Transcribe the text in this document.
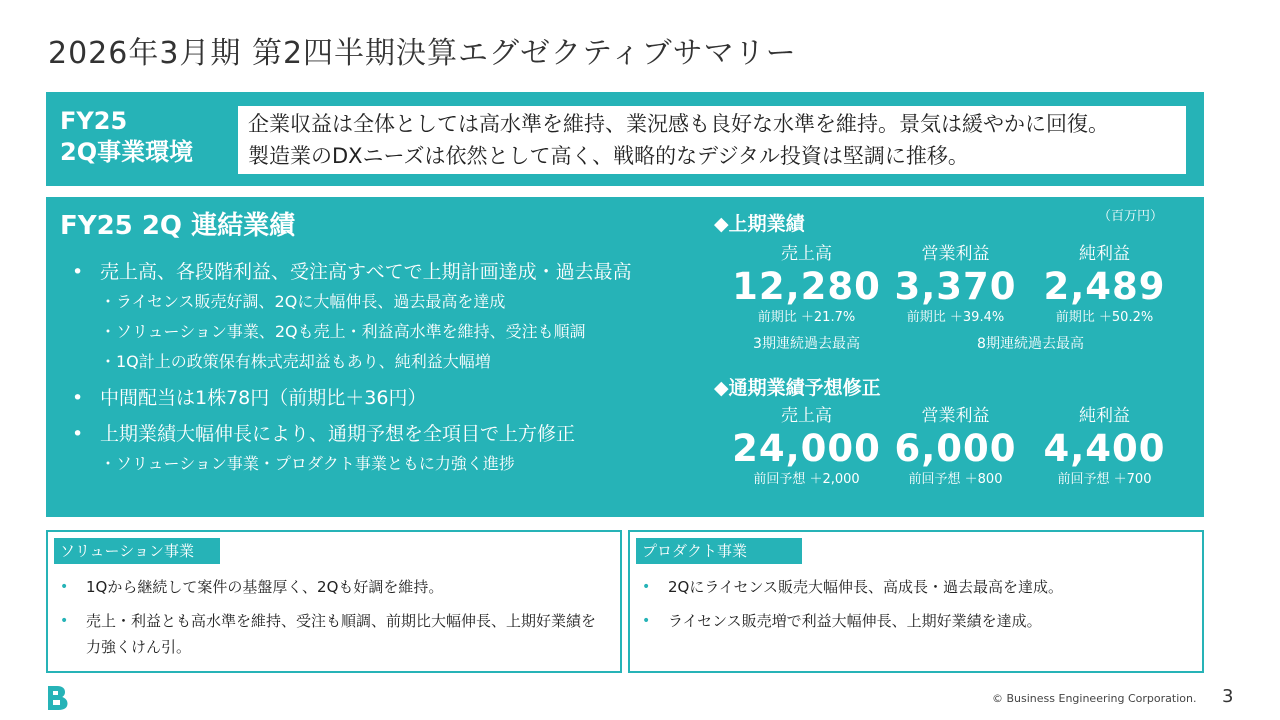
2026年3月期 第2四半期決算エグゼクティブサマリー
FY25
2Q事業環境
企業収益は全体としては高水準を維持、業況感も良好な水準を維持。景気は緩やかに回復。
製造業のDXニーズは依然として高く、戦略的なデジタル投資は堅調に推移。
FY25 2Q 連結業績
• 売上高、各段階利益、受注高すべてで上期計画達成・過去最高
・ライセンス販売好調、2Qに大幅伸長、過去最高を達成
・ソリューション事業、2Qも売上・利益高水準を維持、受注も順調
・1Q計上の政策保有株式売却益もあり、純利益大幅増
• 中間配当は1株78円（前期比＋36円）
• 上期業績大幅伸長により、通期予想を全項目で上方修正
・ソリューション事業・プロダクト事業ともに力強く進捗
（百万円）
◆上期業績
売上高
12,280
前期比 ＋21.7%
営業利益
3,370
前期比 ＋39.4%
純利益
2,489
前期比 ＋50.2%
3期連続過去最高	8期連続過去最高
◆通期業績予想修正
売上高
24,000
前回予想 ＋2,000
営業利益
6,000
前回予想 ＋800
純利益
4,400
前回予想 ＋700
ソリューション事業
• 1Qから継続して案件の基盤厚く、2Qも好調を維持。
• 売上・利益とも高水準を維持、受注も順調、前期比大幅伸長、上期好業績を力強くけん引。
プロダクト事業
• 2Qにライセンス販売大幅伸長、高成長・過去最高を達成。
• ライセンス販売増で利益大幅伸長、上期好業績を達成。
© Business Engineering Corporation. 3
